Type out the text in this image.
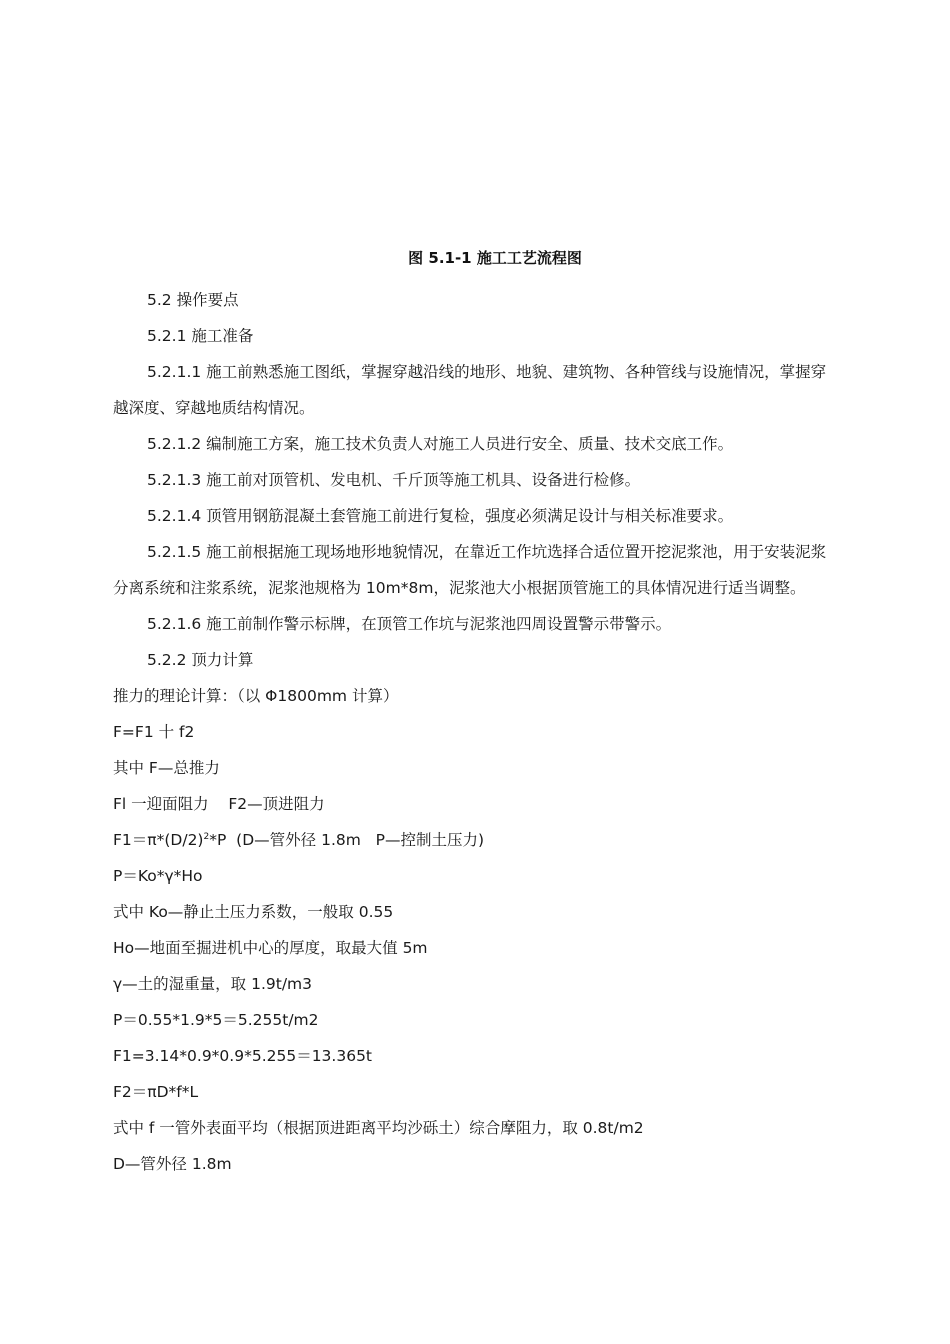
图 5.1-1 施工工艺流程图

5.2 操作要点

5.2.1 施工准备

5.2.1.1 施工前熟悉施工图纸，掌握穿越沿线的地形、地貌、建筑物、各种管线与设施情况，掌握穿越深度、穿越地质结构情况。

5.2.1.2 编制施工方案，施工技术负责人对施工人员进行安全、质量、技术交底工作。

5.2.1.3 施工前对顶管机、发电机、千斤顶等施工机具、设备进行检修。

5.2.1.4 顶管用钢筋混凝土套管施工前进行复检，强度必须满足设计与相关标准要求。

5.2.1.5 施工前根据施工现场地形地貌情况，在靠近工作坑选择合适位置开挖泥浆池，用于安装泥浆分离系统和注浆系统，泥浆池规格为 10m*8m，泥浆池大小根据顶管施工的具体情况进行适当调整。

5.2.1.6 施工前制作警示标牌，在顶管工作坑与泥浆池四周设置警示带警示。

5.2.2 顶力计算

推力的理论计算：（以 Φ1800mm 计算）

F=F1 十 f2

其中 F—总推力

Fl 一迎面阻力    F2—顶进阻力

$F1=\pi*(D/2)^2*P$  (D—管外径 1.8m   P—控制土压力)

P＝Ko*γ*Ho

式中 Ko—静止土压力系数，一般取 0.55

Ho—地面至掘进机中心的厚度，取最大值 5m

γ—土的湿重量，取 1.9t/m3

P＝0.55*1.9*5＝5.255t/m2

F1=3.14*0.9*0.9*5.255＝13.365t

F2＝πD*f*L

式中 f 一管外表面平均（根据顶进距离平均沙砾土）综合摩阻力，取 0.8t/m2

D—管外径 1.8m
